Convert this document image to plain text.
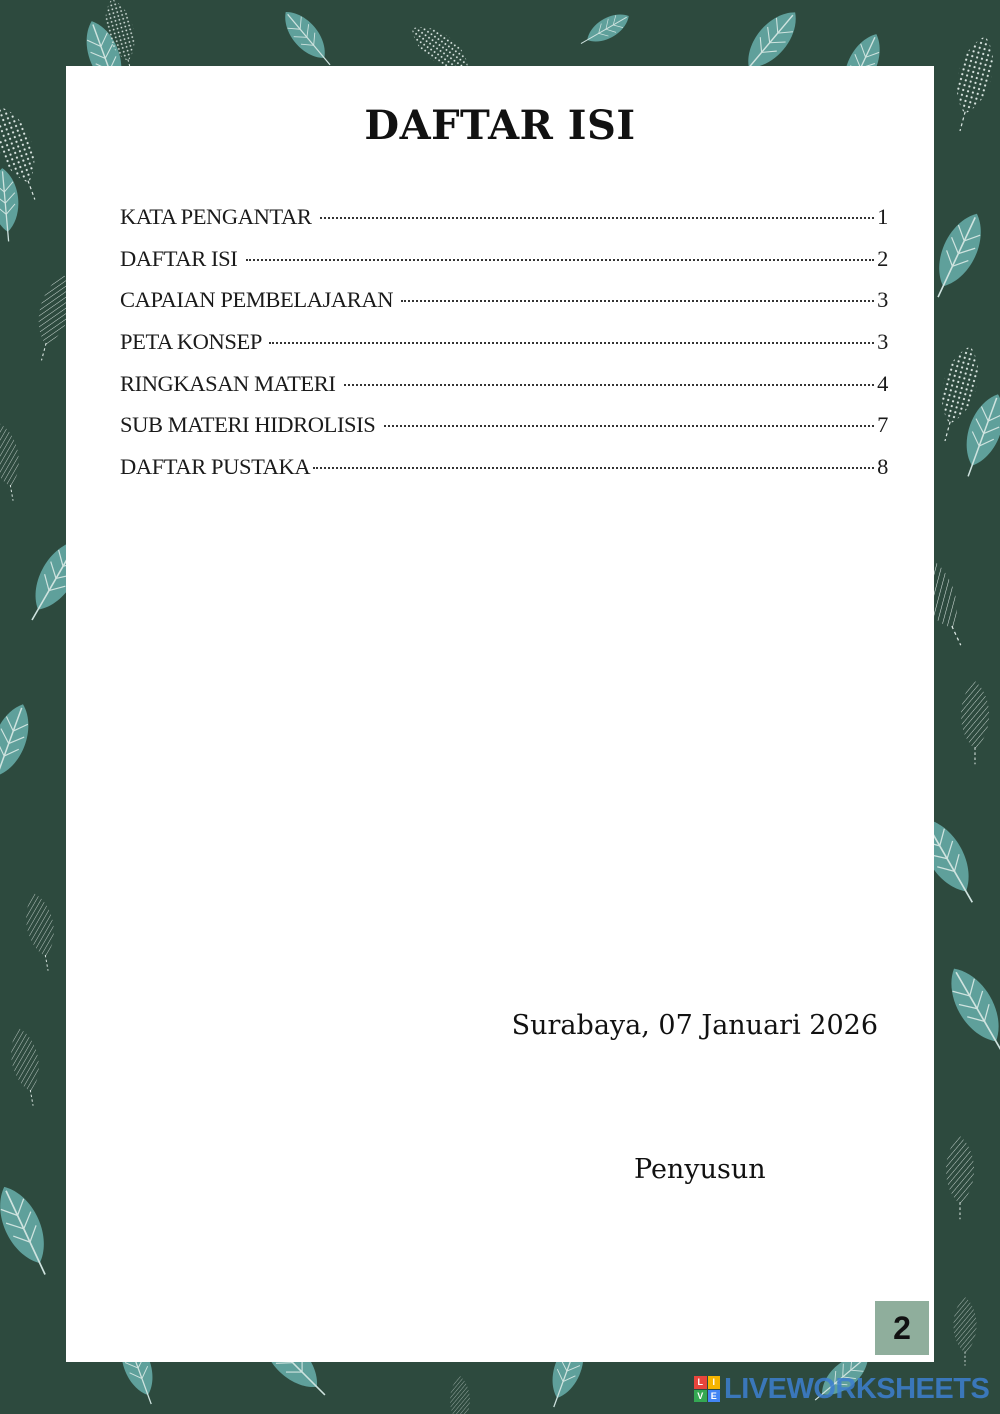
DAFTAR ISI
KATA PENGANTAR	1
DAFTAR ISI	2
CAPAIAN PEMBELAJARAN	3
PETA KONSEP	3
RINGKASAN MATERI	4
SUB MATERI HIDROLISIS	7
DAFTAR PUSTAKA	8
Surabaya, 07 Januari 2026
Penyusun
2
L	I
V E LIVEWORKSHEETS
